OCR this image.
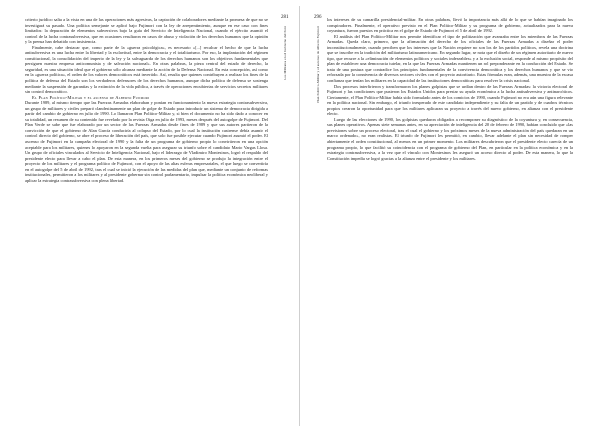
criterio jurídico salta a la vista en una de las operaciones más agresivas, la captación de colaboradores mediante la promesa de que no se investigará su pasado. Una política semejante se aplicó bajo Fujimori con la ley de arrepentimiento, aunque en ese caso con fines limitados: la depuración de elementos subversivos bajo la guía del Servicio de Inteligencia Nacional, cuando el ejército asumió el control de la lucha contrasubversiva, que en ocasiones resultaron en casos de abuso y violación de los derechos humanos que la opinión y la prensa han debatido con insistencia.

Finalmente, cabe destacar que, como parte de la «guerra psicológica», es necesario «[...] recalcar el hecho de que la lucha antisubversiva es una lucha entre la libertad y la esclavitud, entre la democracia y el totalitarismo. Por eso, la implantación del régimen constitucional, la consolidación del imperio de la ley y la salvaguarda de los derechos humanos son los objetivos fundamentales que persiguen nuestra empresa anticomunista y de salvación nacional». En otras palabras, la pieza central del estado de derecho, la seguridad, es una situación ideal que el gobierno sólo alcanza mediante la acción de la Defensa Nacional. En esta concepción, así como en la «guerra política», el orden de los valores democráticos está invertido. Así, resulta que quienes contribuyen a realizar los fines de la política de defensa del Estado son los verdaderos defensores de los derechos humanos, aunque dicha política de defensa se sostenga mediante la suspensión de garantías y la extinción de la vida pública, a través de operaciones encubiertas de servicios secretos militares sin control democrático.

El Plan Político-Militar y el ascenso de Alberto Fujimori

Durante 1989, al mismo tiempo que las Fuerzas Armadas elaboraban y ponían en funcionamiento la nueva estrategia contrasubversiva, un grupo de militares y civiles preparó clandestinamente un plan de golpe de Estado para introducir un sistema de democracia dirigida a partir del cambio de gobierno en julio de 1990. Lo llamaron Plan Político-Militar y, si bien el documento no ha sido dado a conocer en su totalidad, un resumen de su contenido fue revelado por la revista Oiga en julio de 1993, meses después del autogolpe de Fujimori. Del Plan Verde se sabe que fue elaborado por un sector de las Fuerzas Armadas desde fines de 1989 y que sus autores partieron de la convicción de que el gobierno de Alan García conduciría al colapso del Estado, por lo cual la institución castrense debía asumir el control directo del gobierno, se abre el proceso de liberación del país, que solo fue posible ejecutar cuando Fujimori asumió el poder. El ascenso de Fujimori en la campaña electoral de 1990 y la falta de un programa de gobierno propio lo convirtieron en una opción aceptable para los militares, quienes lo apoyaron en la segunda vuelta para asegurar su triunfo sobre el candidato Mario Vargas Llosa. Un grupo de oficiales vinculados al Servicio de Inteligencia Nacional, bajo el liderazgo de Vladimiro Montesinos, logró el respaldo del presidente electo para llevar a cabo el plan. De esta manera, en los primeros meses del gobierno se produjo la integración entre el proyecto de los militares y el programa político de Fujimori, con el apoyo de las altas esferas empresariales, el que luego se convertiría en el autogolpe del 5 de abril de 1992, tras el cual se inició la ejecución de las medidas del plan que, mediante un conjunto de reformas institucionales, permitieron a los militares y al presidente gobernar sin control parlamentario, impulsar la política económica neoliberal y aplicar la estrategia contrasubversiva con plena libertad.

281
Los Militares en el Gobierno del Perú
296
Plan Político-Militar y el ascenso de Alberto Fujimori

los intereses de su camarilla presidencial-militar. En otras palabras, llevó la importancia más allá de lo que se habían imaginado los conspiradores. Finalmente, el operativo previsto en el Plan Político-Militar y su programa de gobierno, actualizados para la nueva coyuntura, fueron puestos en práctica en el golpe de Estado de Fujimori el 5 de abril de 1992.

El análisis del Plan Político-Militar nos permite identificar el tipo de politización que avanzaba entre los miembros de las Fuerzas Armadas. Queda claro, primero, que la afirmación del derecho de los oficiales de las Fuerzas Armadas a diseñar el poder inconstitucionalmente, cuando perciben que los intereses que la Nación requiere no son los de los partidos políticos, revela una doctrina que se inscribe en la tradición del militarismo latinoamericano. En segundo lugar, se nota que el diseño de un régimen autoritario de nuevo tipo, que recurre a la «eliminación de elementos políticos y sociales indeseables» y a la exclusión social, responde al mismo propósito del plan de establecer una democracia tutelar, en la que las Fuerzas Armadas mantienen un rol preponderante en la conducción del Estado. Se trata de una postura que contradice los principios fundamentales de la convivencia democrática y los derechos humanos y que se vio reforzada por la connivencia de diversos sectores civiles con el proyecto autoritario. Estas fórmulas eran, además, una muestra de la escasa confianza que tenían los militares en la capacidad de las instituciones democráticas para resolver la crisis nacional.

Dos procesos interfirieron y transformaron los planes golpistas que se urdían dentro de las Fuerzas Armadas: la victoria electoral de Fujimori y las condiciones que pusieron los Estados Unidos para prestar su ayuda económica a la lucha antisubversiva y antinarcóticos. Ciertamente, el Plan Político-Militar había sido formulado antes de los comicios de 1990, cuando Fujimori no era aún una figura relevante en la política nacional. Sin embargo, el triunfo inesperado de este candidato independiente y su falta de un partido y de cuadros técnicos propios crearon la oportunidad para que los militares aplicaran su proyecto a través del nuevo gobierno, en alianza con el presidente electo.

Luego de las elecciones de 1990, los golpistas quedaron obligados a recomponer su diagnóstico de la coyuntura y, en consecuencia, sus planes operativos. Apenas siete semanas antes, en su apreciación de inteligencia del 20 de febrero de 1990, habían concluido que «las previsiones sobre un proceso electoral, tras el cual el gobierno y los próximos meses de la nueva administración del país quedaran en un marco ordenado», no eran realistas. El triunfo de Fujimori les permitió, en cambio, llevar adelante el plan sin necesidad de romper abiertamente el orden constitucional, al menos en un primer momento. Los militares descubrieron que el presidente electo carecía de un programa propio, lo que facilitó su coincidencia con el programa de gobierno del Plan, en particular en la política económica y en la estrategia contrasubversiva, a la vez que el vínculo con Montesinos les aseguró un acceso directo al poder. De esta manera, lo que la Constitución impedía se logró gracias a la alianza entre el presidente y los militares.
